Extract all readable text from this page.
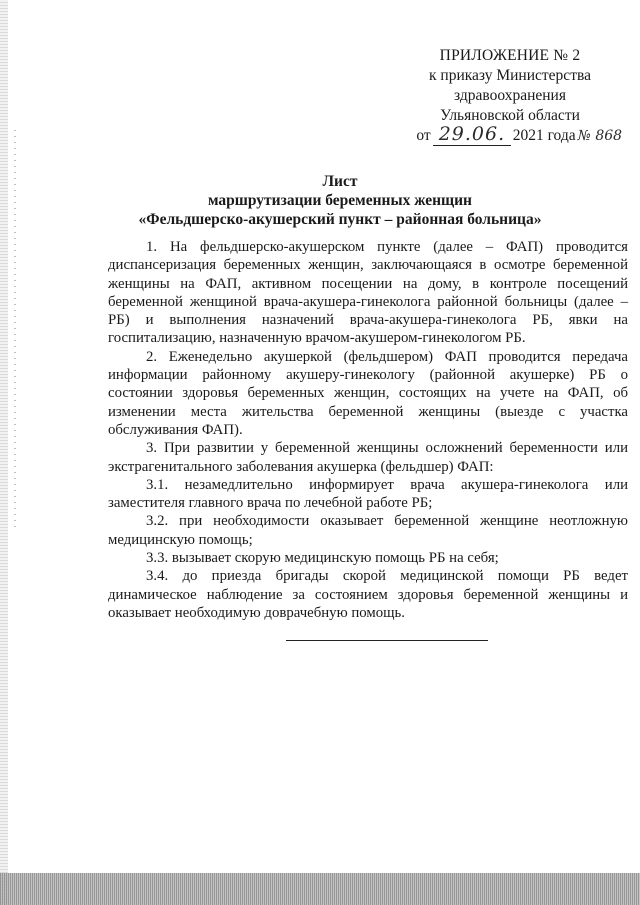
ПРИЛОЖЕНИЕ № 2
к приказу Министерства
здравоохранения
Ульяновской области
от 29.06. 2021 года № 868
Лист
маршрутизации беременных женщин
«Фельдшерско-акушерский пункт – районная больница»

1. На фельдшерско-акушерском пункте (далее – ФАП) проводится диспансеризация беременных женщин, заключающаяся в осмотре беременной женщины на ФАП, активном посещении на дому, в контроле посещений беременной женщиной врача-акушера-гинеколога районной больницы (далее – РБ) и выполнения назначений врача-акушера-гинеколога РБ, явки на госпитализацию, назначенную врачом-акушером-гинекологом РБ.

2. Еженедельно акушеркой (фельдшером) ФАП проводится передача информации районному акушеру-гинекологу (районной акушерке) РБ о состоянии здоровья беременных женщин, состоящих на учете на ФАП, об изменении места жительства беременной женщины (выезде с участка обслуживания ФАП).

3. При развитии у беременной женщины осложнений беременности или экстрагенитального заболевания акушерка (фельдшер) ФАП:

3.1. незамедлительно информирует врача акушера-гинеколога или заместителя главного врача по лечебной работе РБ;

3.2. при необходимости оказывает беременной женщине неотложную медицинскую помощь;

3.3. вызывает скорую медицинскую помощь РБ на себя;

3.4. до приезда бригады скорой медицинской помощи РБ ведет динамическое наблюдение за состоянием здоровья беременной женщины и оказывает необходимую доврачебную помощь.
